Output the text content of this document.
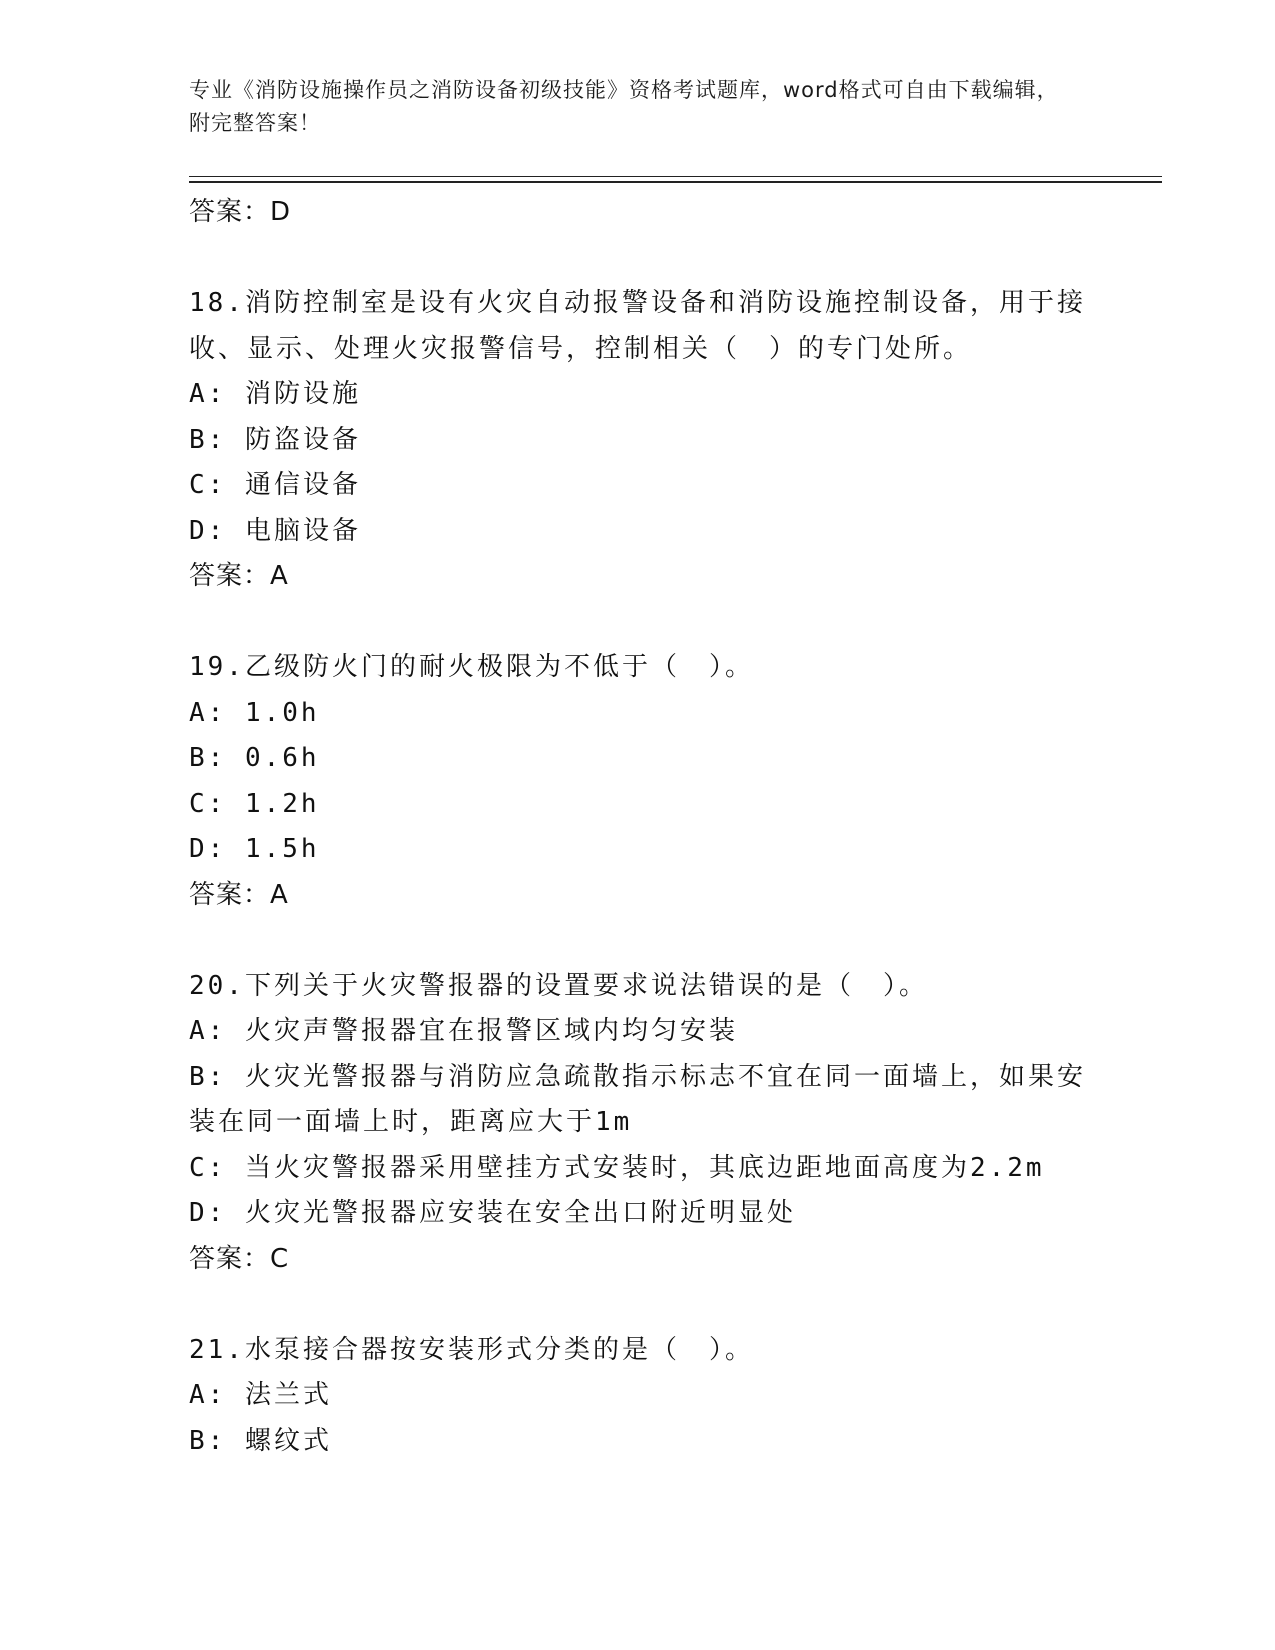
专业《消防设施操作员之消防设备初级技能》资格考试题库，word格式可自由下载编辑，附完整答案！
答案：D
18.消防控制室是设有火灾自动报警设备和消防设施控制设备，用于接
收、显示、处理火灾报警信号，控制相关（　）的专门处所。
A: 消防设施
B: 防盗设备
C: 通信设备
D: 电脑设备
答案：A
19.乙级防火门的耐火极限为不低于（　）。
A: 1.0h
B: 0.6h
C: 1.2h
D: 1.5h
答案：A
20.下列关于火灾警报器的设置要求说法错误的是（　）。
A: 火灾声警报器宜在报警区域内均匀安装
B: 火灾光警报器与消防应急疏散指示标志不宜在同一面墙上，如果安
装在同一面墙上时，距离应大于1m
C: 当火灾警报器采用壁挂方式安装时，其底边距地面高度为2.2m
D: 火灾光警报器应安装在安全出口附近明显处
答案：C
21.水泵接合器按安装形式分类的是（　）。
A: 法兰式
B: 螺纹式
